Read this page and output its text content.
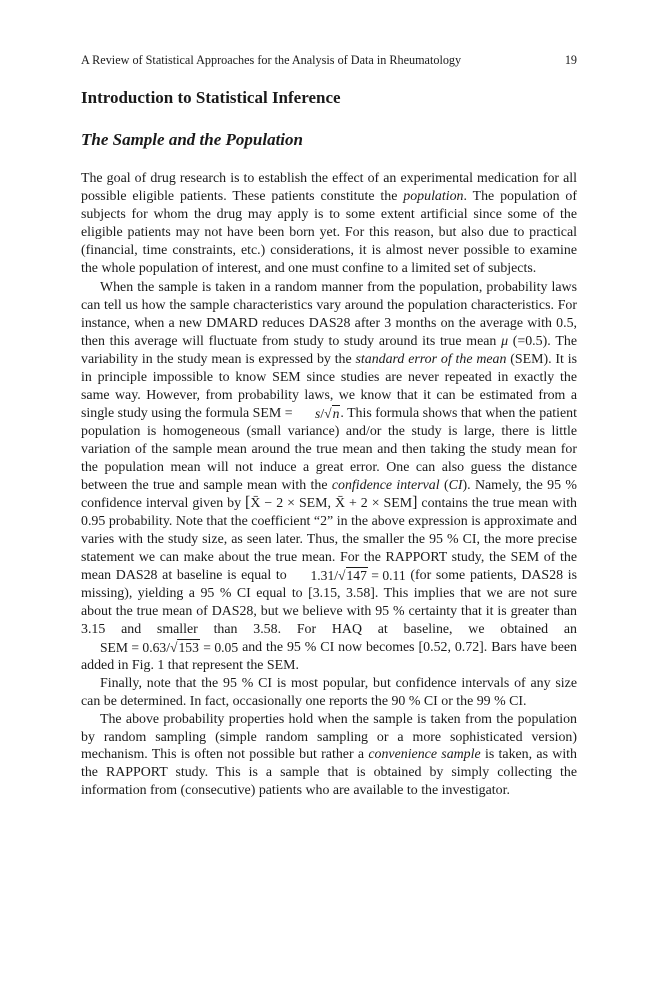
A Review of Statistical Approaches for the Analysis of Data in Rheumatology	19
Introduction to Statistical Inference
The Sample and the Population

The goal of drug research is to establish the effect of an experimental medication for all possible eligible patients. These patients constitute the population. The population of subjects for whom the drug may apply is to some extent artificial since some of the eligible patients may not have been born yet. For this reason, but also due to practical (financial, time constraints, etc.) considerations, it is almost never possible to examine the whole population of interest, and one must confine to a limited set of subjects.

When the sample is taken in a random manner from the population, probability laws can tell us how the sample characteristics vary around the population characteristics. For instance, when a new DMARD reduces DAS28 after 3 months on the average with 0.5, then this average will fluctuate from study to study around its true mean μ (=0.5). The variability in the study mean is expressed by the standard error of the mean (SEM). It is in principle impossible to know SEM since studies are never repeated in exactly the same way. However, from probability laws, we know that it can be estimated from a single study using the formula SEM = s/√n. This formula shows that when the patient population is homogeneous (small variance) and/or the study is large, there is little variation of the sample mean around the true mean and then taking the study mean for the population mean will not induce a great error. One can also guess the distance between the true and sample mean with the confidence interval (CI). Namely, the 95 % confidence interval given by [X̄ − 2 × SEM, X̄ + 2 × SEM] contains the true mean with 0.95 probability. Note that the coefficient “2” in the above expression is approximate and varies with the study size, as seen later. Thus, the smaller the 95 % CI, the more precise statement we can make about the true mean. For the RAPPORT study, the SEM of the mean DAS28 at baseline is equal to 1.31/√147 = 0.11 (for some patients, DAS28 is missing), yielding a 95 % CI equal to [3.15, 3.58]. This implies that we are not sure about the true mean of DAS28, but we believe with 95 % certainty that it is greater than 3.15 and smaller than 3.58. For HAQ at baseline, we obtained an SEM = 0.63/√153 = 0.05 and the 95 % CI now becomes [0.52, 0.72]. Bars have been added in Fig. 1 that represent the SEM.

Finally, note that the 95 % CI is most popular, but confidence intervals of any size can be determined. In fact, occasionally one reports the 90 % CI or the 99 % CI.

The above probability properties hold when the sample is taken from the population by random sampling (simple random sampling or a more sophisticated version) mechanism. This is often not possible but rather a convenience sample is taken, as with the RAPPORT study. This is a sample that is obtained by simply collecting the information from (consecutive) patients who are available to the investigator.
